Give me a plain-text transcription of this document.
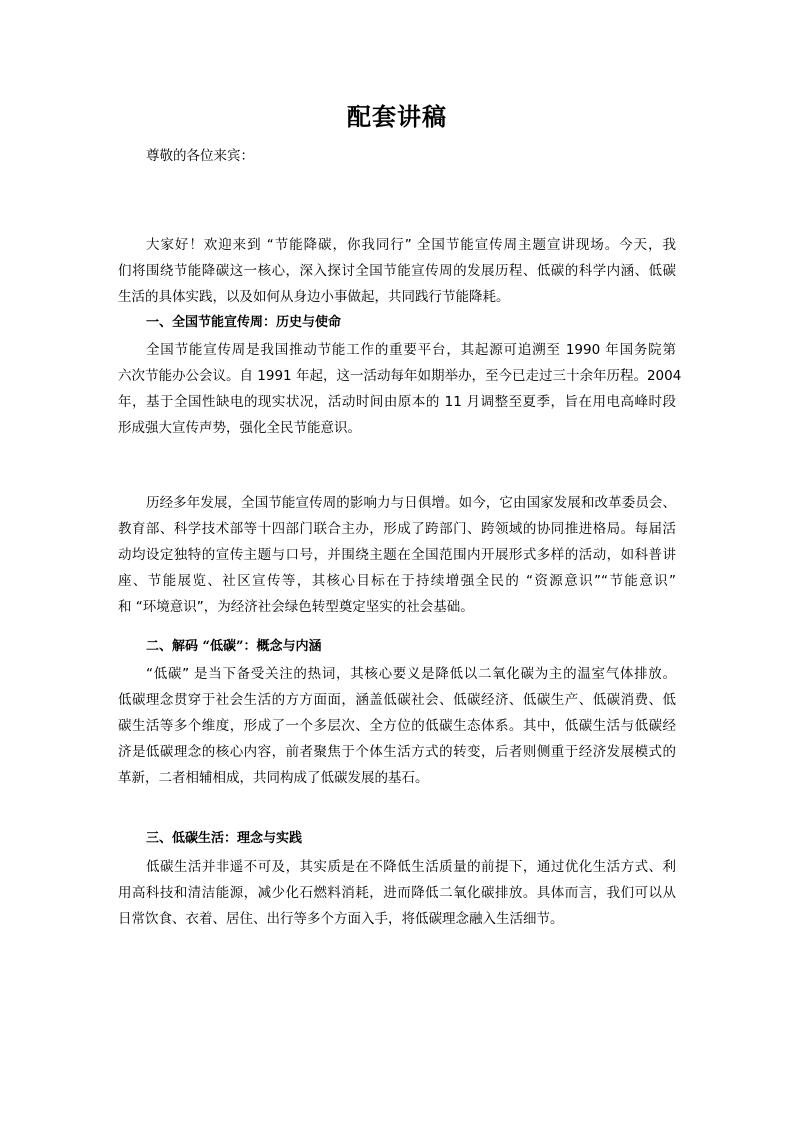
配套讲稿
尊敬的各位来宾：
大家好！欢迎来到 “节能降碳，你我同行” 全国节能宣传周主题宣讲现场。今天，我
们将围绕节能降碳这一核心，深入探讨全国节能宣传周的发展历程、低碳的科学内涵、低碳
生活的具体实践，以及如何从身边小事做起，共同践行节能降耗。
一、全国节能宣传周：历史与使命
全国节能宣传周是我国推动节能工作的重要平台，其起源可追溯至 1990 年国务院第
六次节能办公会议。自 1991 年起，这一活动每年如期举办，至今已走过三十余年历程。2004
年，基于全国性缺电的现实状况，活动时间由原本的 11 月调整至夏季，旨在用电高峰时段
形成强大宣传声势，强化全民节能意识。
历经多年发展，全国节能宣传周的影响力与日俱增。如今，它由国家发展和改革委员会、
教育部、科学技术部等十四部门联合主办，形成了跨部门、跨领域的协同推进格局。每届活
动均设定独特的宣传主题与口号，并围绕主题在全国范围内开展形式多样的活动，如科普讲
座、节能展览、社区宣传等，其核心目标在于持续增强全民的 “资源意识”“节能意识”
和 “环境意识”，为经济社会绿色转型奠定坚实的社会基础。
二、解码 “低碳”：概念与内涵
“低碳” 是当下备受关注的热词，其核心要义是降低以二氧化碳为主的温室气体排放。
低碳理念贯穿于社会生活的方方面面，涵盖低碳社会、低碳经济、低碳生产、低碳消费、低
碳生活等多个维度，形成了一个多层次、全方位的低碳生态体系。其中，低碳生活与低碳经
济是低碳理念的核心内容，前者聚焦于个体生活方式的转变，后者则侧重于经济发展模式的
革新，二者相辅相成，共同构成了低碳发展的基石。
三、低碳生活：理念与实践
低碳生活并非遥不可及，其实质是在不降低生活质量的前提下，通过优化生活方式、利
用高科技和清洁能源，减少化石燃料消耗，进而降低二氧化碳排放。具体而言，我们可以从
日常饮食、衣着、居住、出行等多个方面入手，将低碳理念融入生活细节。
